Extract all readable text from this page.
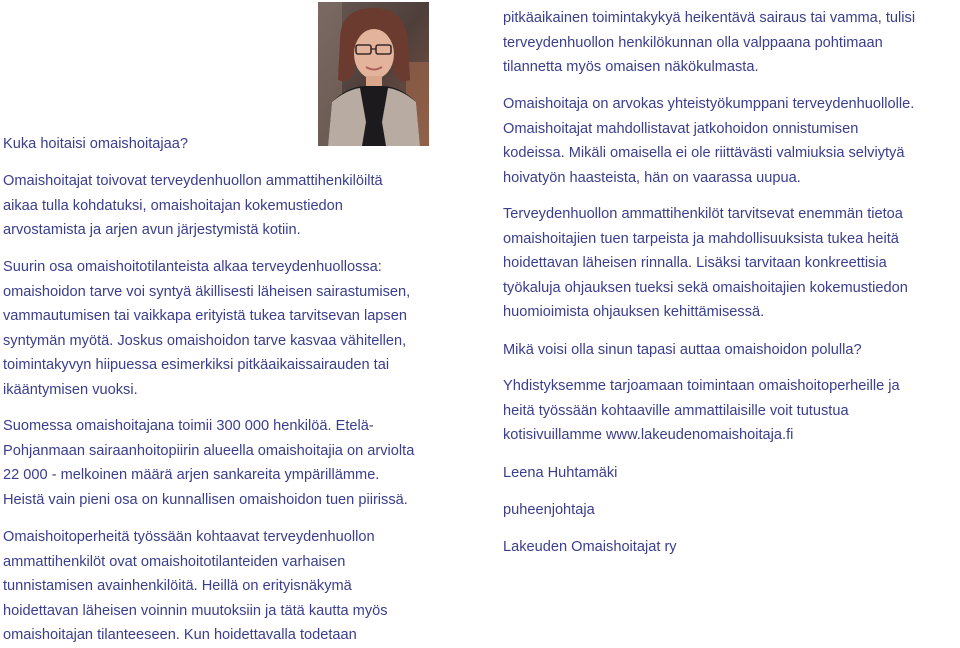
Kuka hoitaisi omaishoitajaa?

Omaishoitajat toivovat terveydenhuollon ammattihenkilöiltä
aikaa tulla kohdatuksi, omaishoitajan kokemustiedon
arvostamista ja arjen avun järjestymistä kotiin.

Suurin osa omaishoitotilanteista alkaa terveydenhuollossa:
omaishoidon tarve voi syntyä äkillisesti läheisen sairastumisen,
vammautumisen tai vaikkapa erityistä tukea tarvitsevan lapsen
syntymän myötä. Joskus omaishoidon tarve kasvaa vähitellen,
toimintakyvyn hiipuessa esimerkiksi pitkäaikaissairauden tai
ikääntymisen vuoksi.

Suomessa omaishoitajana toimii 300 000 henkilöä. Etelä-
Pohjanmaan sairaanhoitopiirin alueella omaishoitajia on arviolta
22 000 - melkoinen määrä arjen sankareita ympärillämme.
Heistä vain pieni osa on kunnallisen omaishoidon tuen piirissä.

Omaishoitoperheitä työssään kohtaavat terveydenhuollon
ammattihenkilöt ovat omaishoitotilanteiden varhaisen
tunnistamisen avainhenkilöitä. Heillä on erityisnäkymä
hoidettavan läheisen voinnin muutoksiin ja tätä kautta myös
omaishoitajan tilanteeseen. Kun hoidettavalla todetaan

pitkäaikainen toimintakykyä heikentävä sairaus tai vamma, tulisi
terveydenhuollon henkilökunnan olla valppaana pohtimaan
tilannetta myös omaisen näkökulmasta.

Omaishoitaja on arvokas yhteistyökumppani terveydenhuollolle.
Omaishoitajat mahdollistavat jatkohoidon onnistumisen
kodeissa. Mikäli omaisella ei ole riittävästi valmiuksia selviytyä
hoivatyön haasteista, hän on vaarassa uupua.

Terveydenhuollon ammattihenkilöt tarvitsevat enemmän tietoa
omaishoitajien tuen tarpeista ja mahdollisuuksista tukea heitä
hoidettavan läheisen rinnalla. Lisäksi tarvitaan konkreettisia
työkaluja ohjauksen tueksi sekä omaishoitajien kokemustiedon
huomioimista ohjauksen kehittämisessä.

Mikä voisi olla sinun tapasi auttaa omaishoidon polulla?

Yhdistyksemme tarjoamaan toimintaan omaishoitoperheille ja
heitä työssään kohtaaville ammattilaisille voit tutustua
kotisivuillamme www.lakeudenomaishoitaja.fi

Leena Huhtamäki

puheenjohtaja

Lakeuden Omaishoitajat ry
